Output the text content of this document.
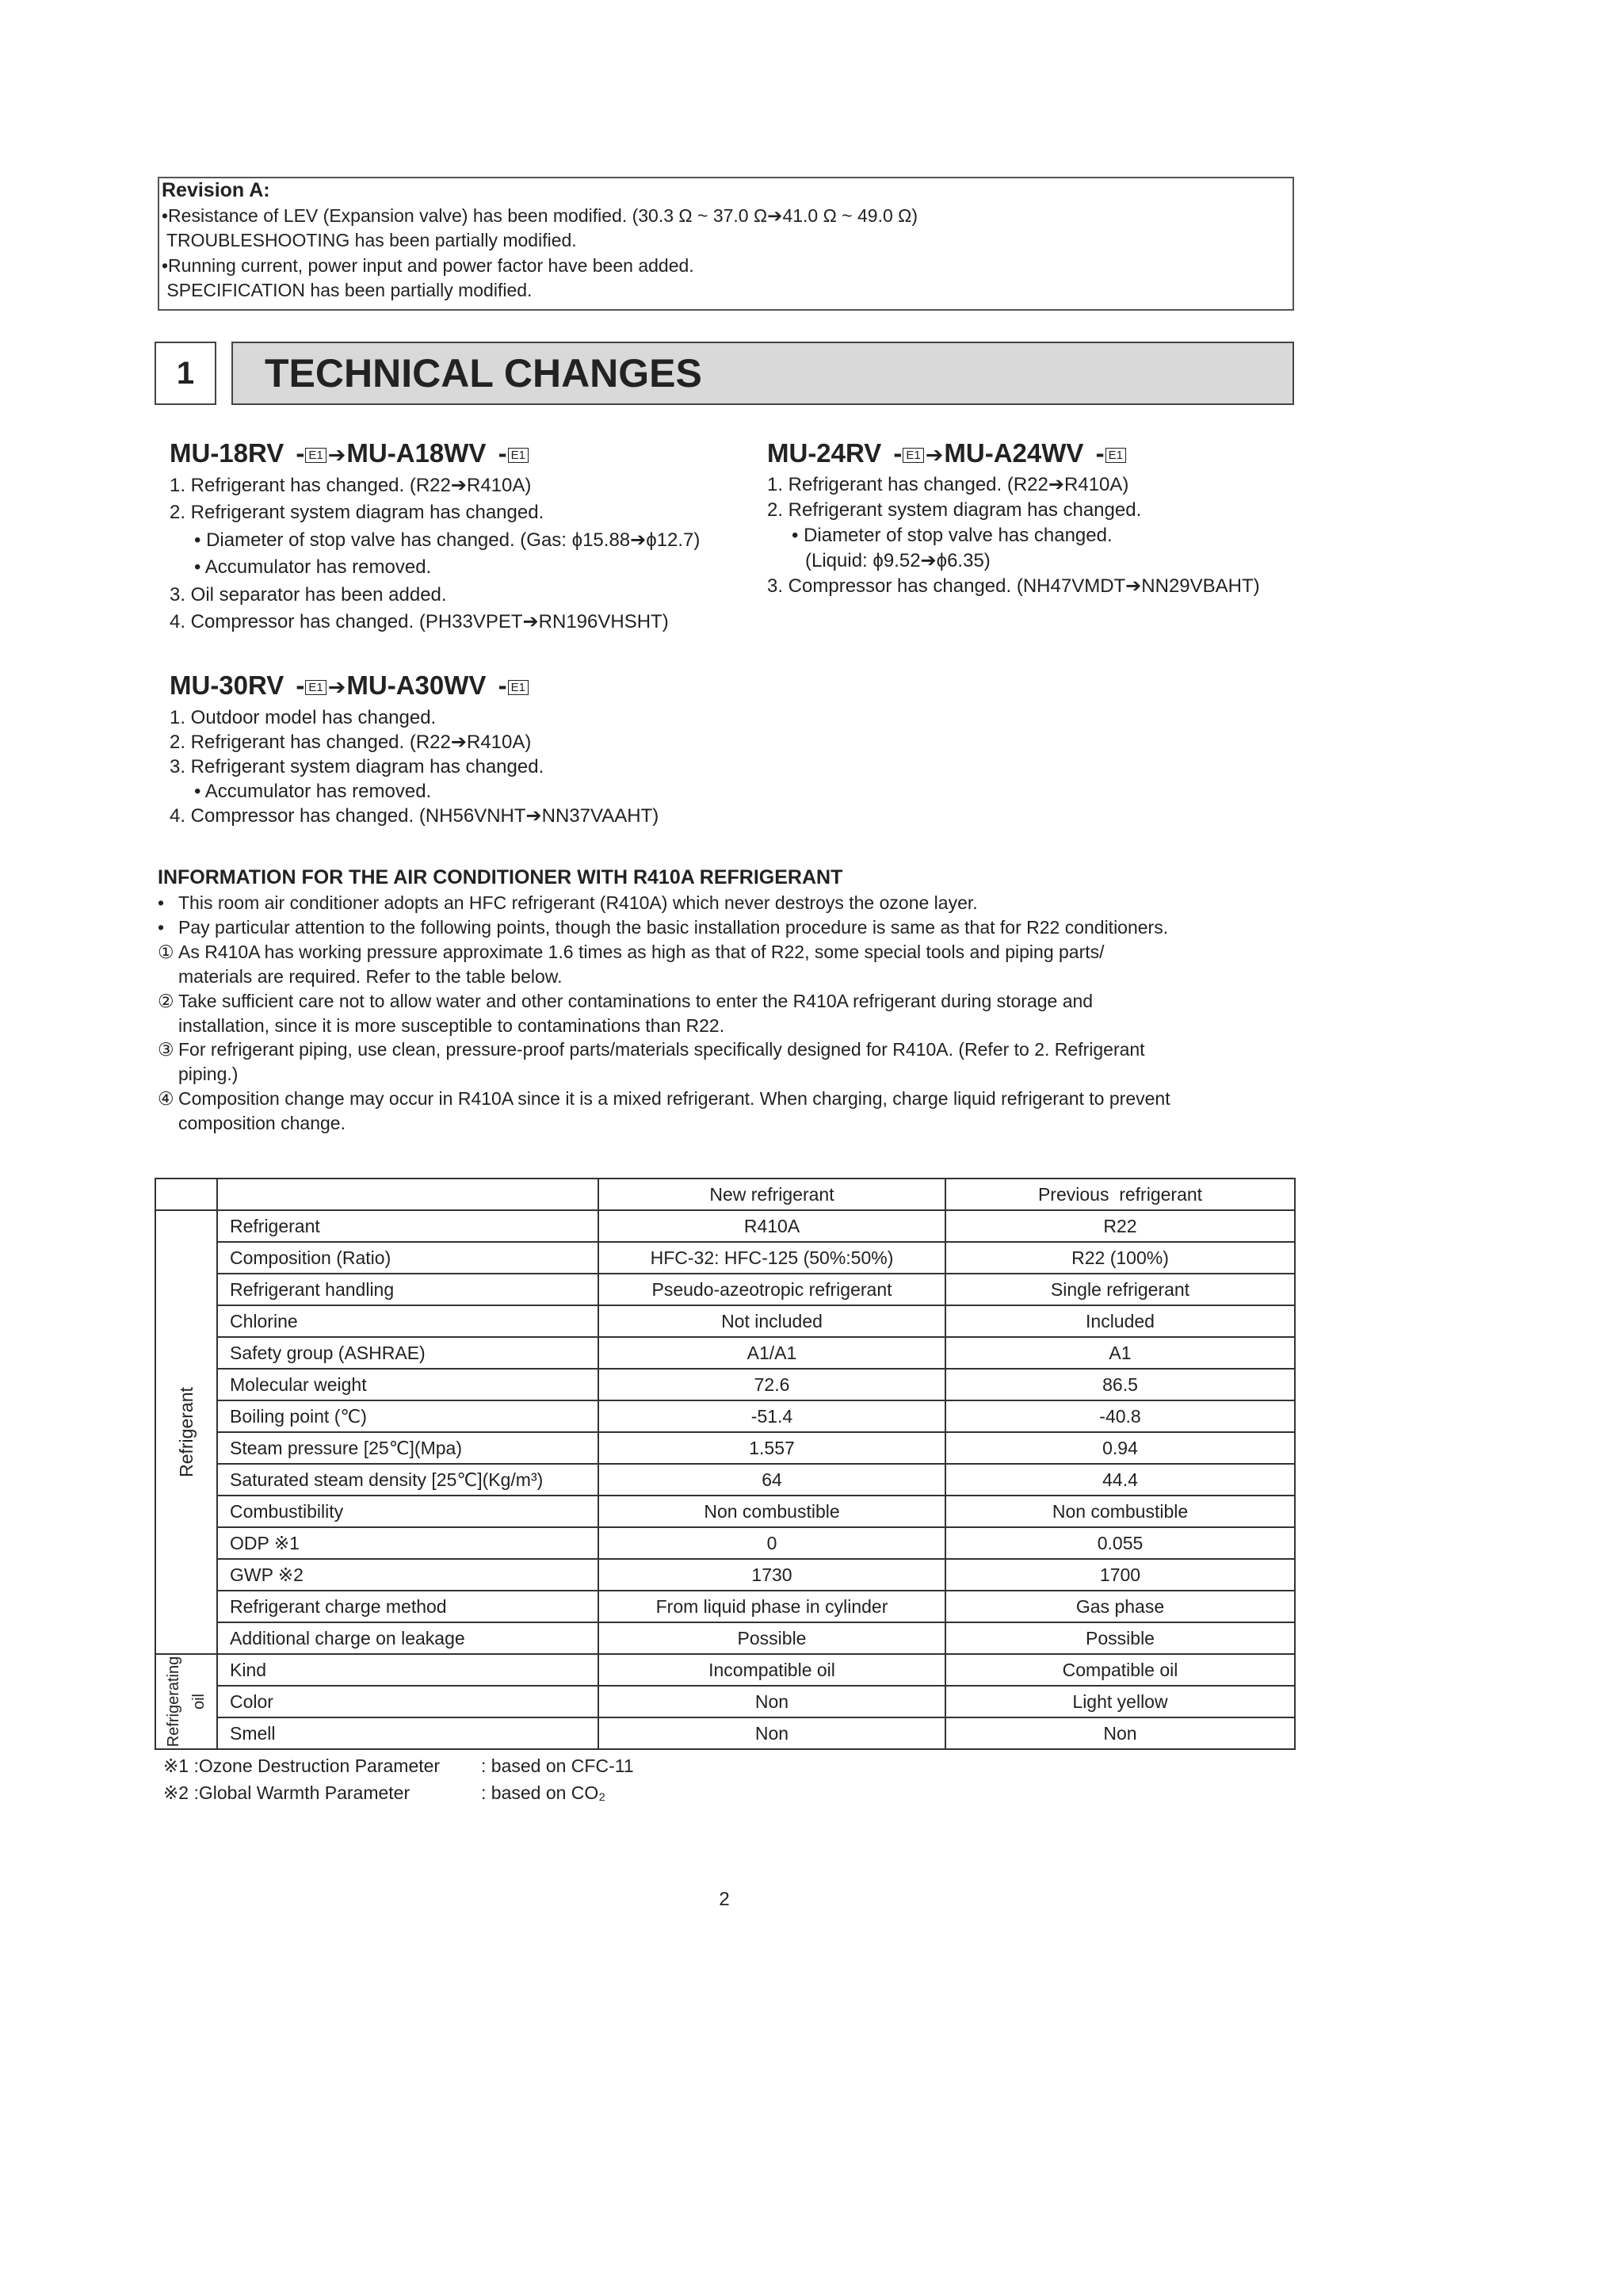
Revision A:
•Resistance of LEV (Expansion valve) has been modified. (30.3 Ω ~ 37.0 Ω➔41.0 Ω ~ 49.0 Ω)
TROUBLESHOOTING has been partially modified.
•Running current, power input and power factor have been added.
SPECIFICATION has been partially modified.
1	TECHNICAL CHANGES
MU-18RV - E1 ➔MU-A18WV - E1	MU-24RV - E1 ➔MU-A24WV - E1
MU-30RV - E1 ➔MU-A30WV - E1
1. Refrigerant has changed. (R22➔R410A)
2. Refrigerant system diagram has changed.
• Diameter of stop valve has changed. (Gas: ϕ15.88➔ϕ12.7)
• Accumulator has removed.
3. Oil separator has been added.
4. Compressor has changed. (PH33VPET➔RN196VHSHT)
1. Refrigerant has changed. (R22➔R410A)
2. Refrigerant system diagram has changed.
• Diameter of stop valve has changed.
(Liquid: ϕ9.52➔ϕ6.35)
3. Compressor has changed. (NH47VMDT➔NN29VBAHT)
1. Outdoor model has changed.
2. Refrigerant has changed. (R22➔R410A)
3. Refrigerant system diagram has changed.
• Accumulator has removed.
4. Compressor has changed. (NH56VNHT➔NN37VAAHT)
INFORMATION FOR THE AIR CONDITIONER WITH R410A REFRIGERANT
• This room air conditioner adopts an HFC refrigerant (R410A) which never destroys the ozone layer.
• Pay particular attention to the following points, though the basic installation procedure is same as that for R22 conditioners.
① As R410A has working pressure approximate 1.6 times as high as that of R22, some special tools and piping parts/
materials are required. Refer to the table below.
② Take sufficient care not to allow water and other contaminations to enter the R410A refrigerant during storage and
installation, since it is more susceptible to contaminations than R22.
③ For refrigerant piping, use clean, pressure-proof parts/materials specifically designed for R410A. (Refer to 2. Refrigerant
piping.)
④ Composition change may occur in R410A since it is a mixed refrigerant. When charging, charge liquid refrigerant to prevent
composition change.
		New refrigerant	Previous  refrigerant

Refrigerant	Refrigerant	R410A	R22
	Composition (Ratio)	HFC-32: HFC-125 (50%:50%)	R22 (100%)
	Refrigerant handling	Pseudo-azeotropic refrigerant	Single refrigerant
	Chlorine	Not included	Included
	Safety group (ASHRAE)	A1/A1	A1
	Molecular weight	72.6	86.5
	Boiling point (℃)	-51.4	-40.8
	Steam pressure [25℃](Mpa)	1.557	0.94
	Saturated steam density [25℃](Kg/m³)	64	44.4
	Combustibility	Non combustible	Non combustible
	ODP ※1	0	0.055
	GWP ※2	1730	1700
	Refrigerant charge method	From liquid phase in cylinder	Gas phase
	Additional charge on leakage	Possible	Possible

Refrigerating oil	Kind	Incompatible oil	Compatible oil
	Color	Non	Light yellow
	Smell	Non	Non
※1 :Ozone Destruction Parameter : based on CFC-11
※2 :Global Warmth Parameter	: based on CO₂
2
